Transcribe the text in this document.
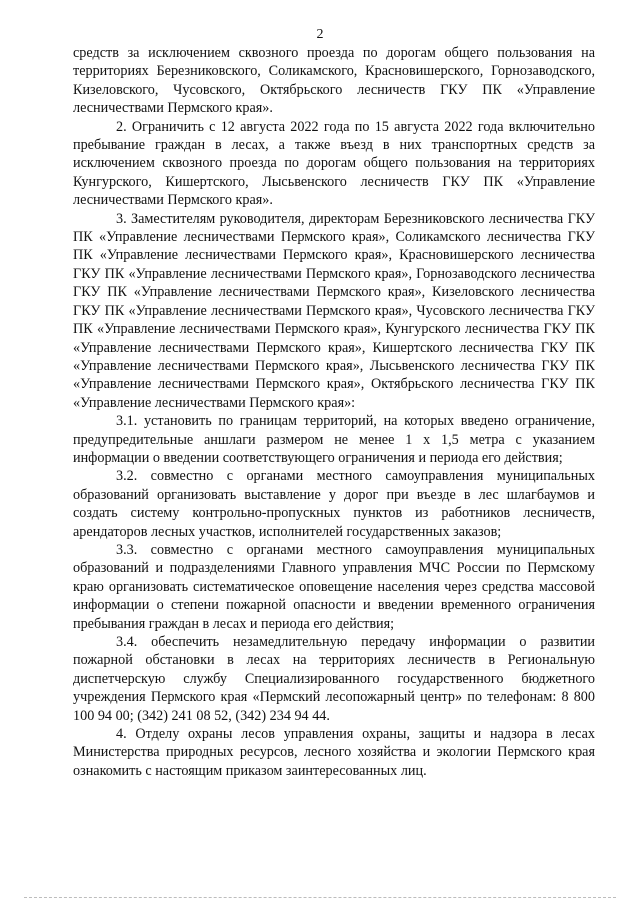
2

средств за исключением сквозного проезда по дорогам общего пользования на территориях Березниковского, Соликамского, Красновишерского, Горнозаводского, Кизеловского, Чусовского, Октябрьского лесничеств ГКУ ПК «Управление лесничествами Пермского края».

2. Ограничить с 12 августа 2022 года по 15 августа 2022 года включительно пребывание граждан в лесах, а также въезд в них транспортных средств за исключением сквозного проезда по дорогам общего пользования на территориях Кунгурского, Кишертского, Лысьвенского лесничеств ГКУ ПК «Управление лесничествами Пермского края».

3. Заместителям руководителя, директорам Березниковского лесничества ГКУ ПК «Управление лесничествами Пермского края», Соликамского лесничества ГКУ ПК «Управление лесничествами Пермского края», Красновишерского лесничества ГКУ ПК «Управление лесничествами Пермского края», Горнозаводского лесничества ГКУ ПК «Управление лесничествами Пермского края», Кизеловского лесничества ГКУ ПК «Управление лесничествами Пермского края», Чусовского лесничества ГКУ ПК «Управление лесничествами Пермского края», Кунгурского лесничества ГКУ ПК «Управление лесничествами Пермского края», Кишертского лесничества ГКУ ПК «Управление лесничествами Пермского края», Лысьвенского лесничества ГКУ ПК «Управление лесничествами Пермского края», Октябрьского лесничества ГКУ ПК «Управление лесничествами Пермского края»:

3.1. установить по границам территорий, на которых введено ограничение, предупредительные аншлаги размером не менее 1 х 1,5 метра с указанием информации о введении соответствующего ограничения и периода его действия;

3.2. совместно с органами местного самоуправления муниципальных образований организовать выставление у дорог при въезде в лес шлагбаумов и создать систему контрольно-пропускных пунктов из работников лесничеств, арендаторов лесных участков, исполнителей государственных заказов;

3.3. совместно с органами местного самоуправления муниципальных образований и подразделениями Главного управления МЧС России по Пермскому краю организовать систематическое оповещение населения через средства массовой информации о степени пожарной опасности и введении временного ограничения пребывания граждан в лесах и периода его действия;

3.4. обеспечить незамедлительную передачу информации о развитии пожарной обстановки в лесах на территориях лесничеств в Региональную диспетчерскую службу Специализированного государственного бюджетного учреждения Пермского края «Пермский лесопожарный центр» по телефонам: 8 800 100 94 00; (342) 241 08 52, (342) 234 94 44.

4. Отделу охраны лесов управления охраны, защиты и надзора в лесах Министерства природных ресурсов, лесного хозяйства и экологии Пермского края ознакомить с настоящим приказом заинтересованных лиц.
